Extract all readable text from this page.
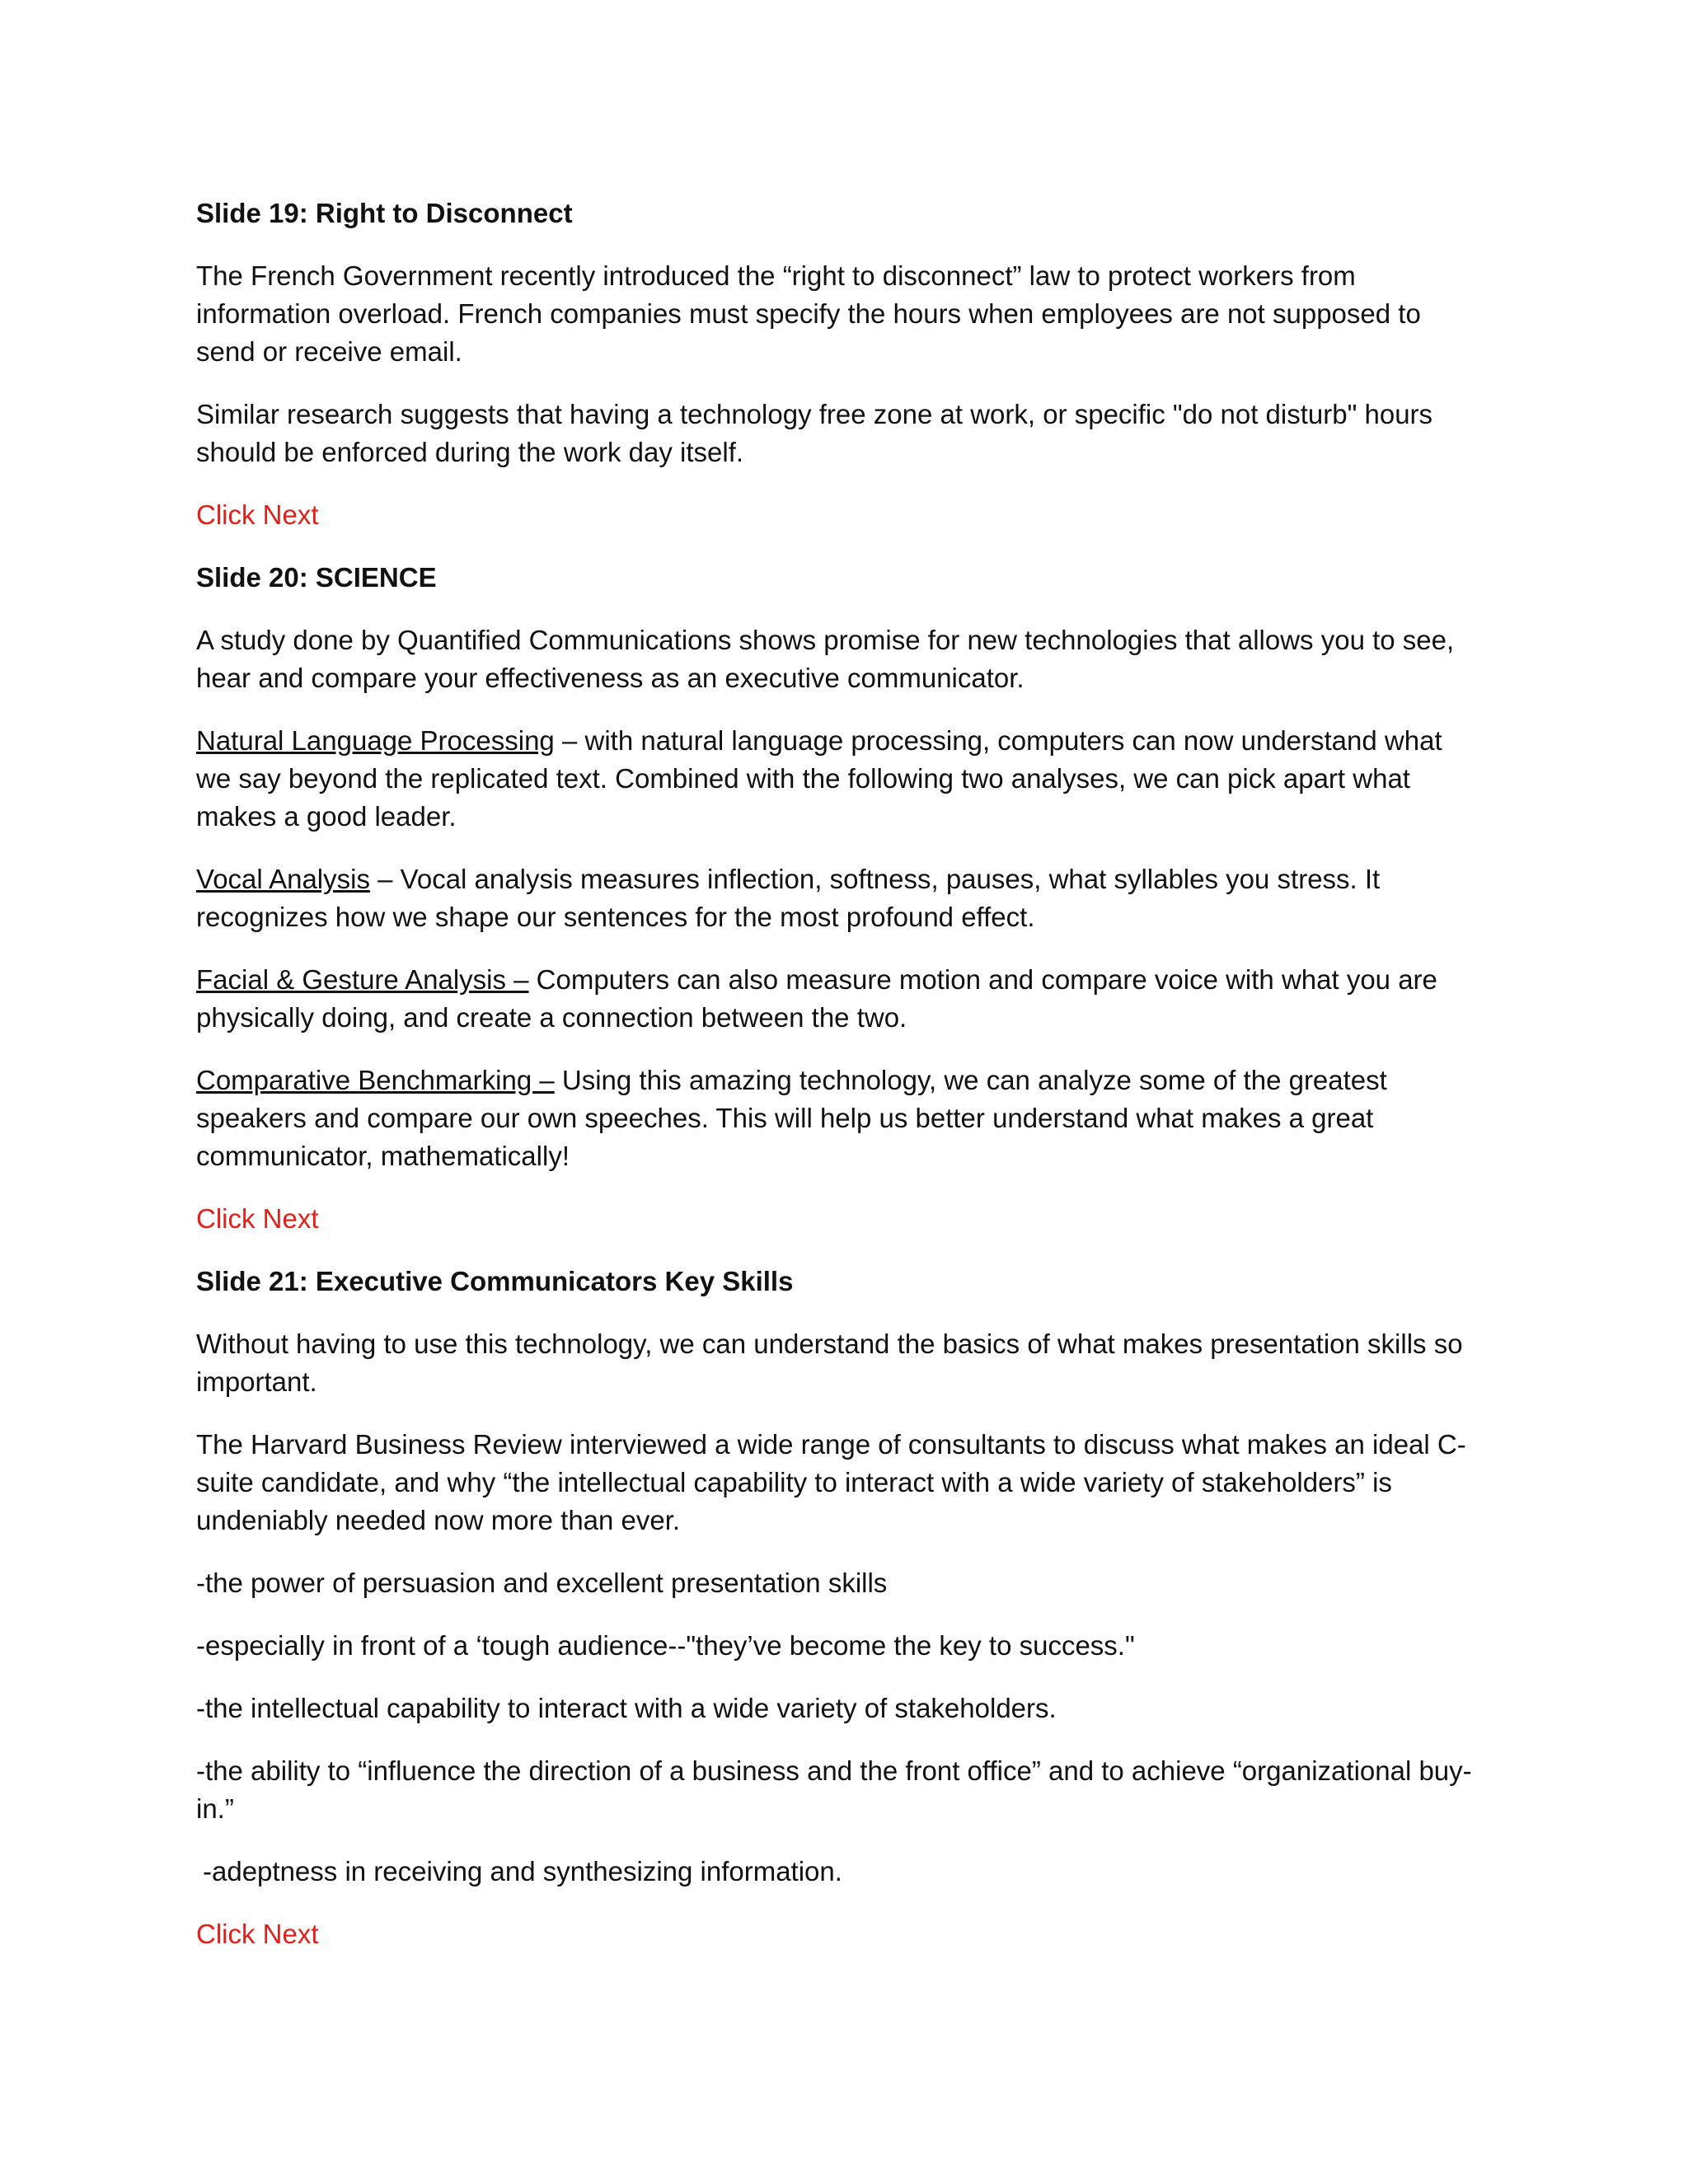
Slide 19: Right to Disconnect
The French Government recently introduced the “right to disconnect” law to protect workers from information overload. French companies must specify the hours when employees are not supposed to send or receive email.
Similar research suggests that having a technology free zone at work, or specific "do not disturb" hours should be enforced during the work day itself.
Click Next
Slide 20: SCIENCE
A study done by Quantified Communications shows promise for new technologies that allows you to see, hear and compare your effectiveness as an executive communicator.
Natural Language Processing – with natural language processing, computers can now understand what we say beyond the replicated text. Combined with the following two analyses, we can pick apart what makes a good leader.
Vocal Analysis – Vocal analysis measures inflection, softness, pauses, what syllables you stress. It recognizes how we shape our sentences for the most profound effect.
Facial & Gesture Analysis – Computers can also measure motion and compare voice with what you are physically doing, and create a connection between the two.
Comparative Benchmarking – Using this amazing technology, we can analyze some of the greatest speakers and compare our own speeches. This will help us better understand what makes a great communicator, mathematically!
Click Next
Slide 21: Executive Communicators Key Skills
Without having to use this technology, we can understand the basics of what makes presentation skills so important.
The Harvard Business Review interviewed a wide range of consultants to discuss what makes an ideal C-suite candidate, and why “the intellectual capability to interact with a wide variety of stakeholders” is undeniably needed now more than ever.
-the power of persuasion and excellent presentation skills
-especially in front of a ‘tough audience--"they’ve become the key to success."
-the intellectual capability to interact with a wide variety of stakeholders.
-the ability to “influence the direction of a business and the front office” and to achieve “organizational buy-in.”
-adeptness in receiving and synthesizing information.
Click Next
